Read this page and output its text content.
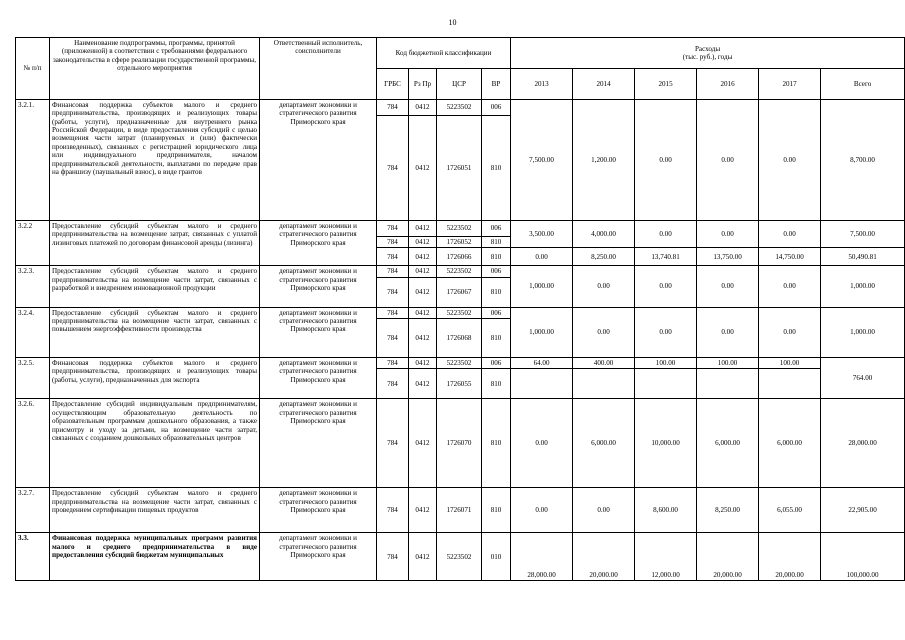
10
№ п/п	Наименование подпрограммы, программы, принятой (приложенной) в соответствии с требованиями федерального законодательства в сфере реализации государственной программы, отдельного мероприятия	Ответственный исполнитель, соисполнители	Код бюджетной классификации				Расходы
(тыс. руб.), годы					
			ГРБС	Рз Пр	ЦСР	ВР	2013	2014	2015	2016	2017	Всего
3.2.1.	Финансовая поддержка субъектов малого и среднего предпринимательства, производящих и реализующих товары (работы, услуги), предназначенные для внутреннего рынка Российской Федерации, в виде предоставления субсидий с целью возмещения части затрат (планируемых и (или) фактически произведенных), связанных с регистрацией юридического лица или индивидуального предпринимателя, началом предпринимательской деятельности, выплатами по передаче прав на франшизу (паушальный взнос), в виде грантов	департамент экономики и стратегического развития Приморского края	784	0412	5223502	006	7,500.00	1,200.00	0.00	0.00	0.00	8,700.00
			784	0412	1726051	810						
3.2.2	Предоставление субсидий субъектам малого и среднего предпринимательства на возмещение затрат, связанных с уплатой лизинговых платежей по договорам финансовой аренды (лизинга)	департамент экономики и стратегического развития Приморского края	784	0412	5223502	006	3,500.00	4,000.00	0.00	0.00	0.00	7,500.00
			784	0412	1726052	810						
			784	0412	1726066	810	0.00	8,250.00	13,740.81	13,750.00	14,750.00	50,490.81
3.2.3.	Предоставление субсидий субъектам малого и среднего предпринимательства на возмещение части затрат, связанных с разработкой и внедрением инновационной продукции	департамент экономики и стратегического развития Приморского края	784	0412	5223502	006	1,000.00	0.00	0.00	0.00	0.00	1,000.00
			784	0412	1726067	810						
3.2.4.	Предоставление субсидий субъектам малого и среднего предпринимательства на возмещение части затрат, связанных с повышением энергоэффективности производства	департамент экономики и стратегического развития Приморского края	784	0412	5223502	006	1,000.00	0.00	0.00	0.00	0.00	1,000.00
			784	0412	1726068	810						
3.2.5.	Финансовая поддержка субъектов малого и среднего предпринимательства, производящих и реализующих товары (работы, услуги), предназначенных для экспорта	департамент экономики и стратегического развития Приморского края	784	0412	5223502	006	64.00	400.00	100.00	100.00	100.00	764.00
			784	0412	1726055	810						
3.2.6.	Предоставление субсидий индивидуальным предпринимателям, осуществляющим образовательную деятельность по образовательным программам дошкольного образования, а также присмотру и уходу за детьми, на возмещение части затрат, связанных с созданием дошкольных образовательных центров	департамент экономики и стратегического развития Приморского края	784	0412	1726070	810	0.00	6,000.00	10,000.00	6,000.00	6,000.00	28,000.00
3.2.7.	Предоставление субсидий субъектам малого и среднего предпринимательства на возмещение части затрат, связанных с проведением сертификации пищевых продуктов	департамент экономики и стратегического развития Приморского края	784	0412	1726071	810	0.00	0.00	8,600.00	8,250.00	6,055.00	22,905.00
3.3.	Финансовая поддержка муниципальных программ развития малого и среднего предпринимательства в виде предоставления субсидий бюджетам муниципальных	департамент экономики и стратегического развития Приморского края	784	0412	5223502	010	28,000.00	20,000.00	12,000.00	20,000.00	20,000.00	100,000.00
